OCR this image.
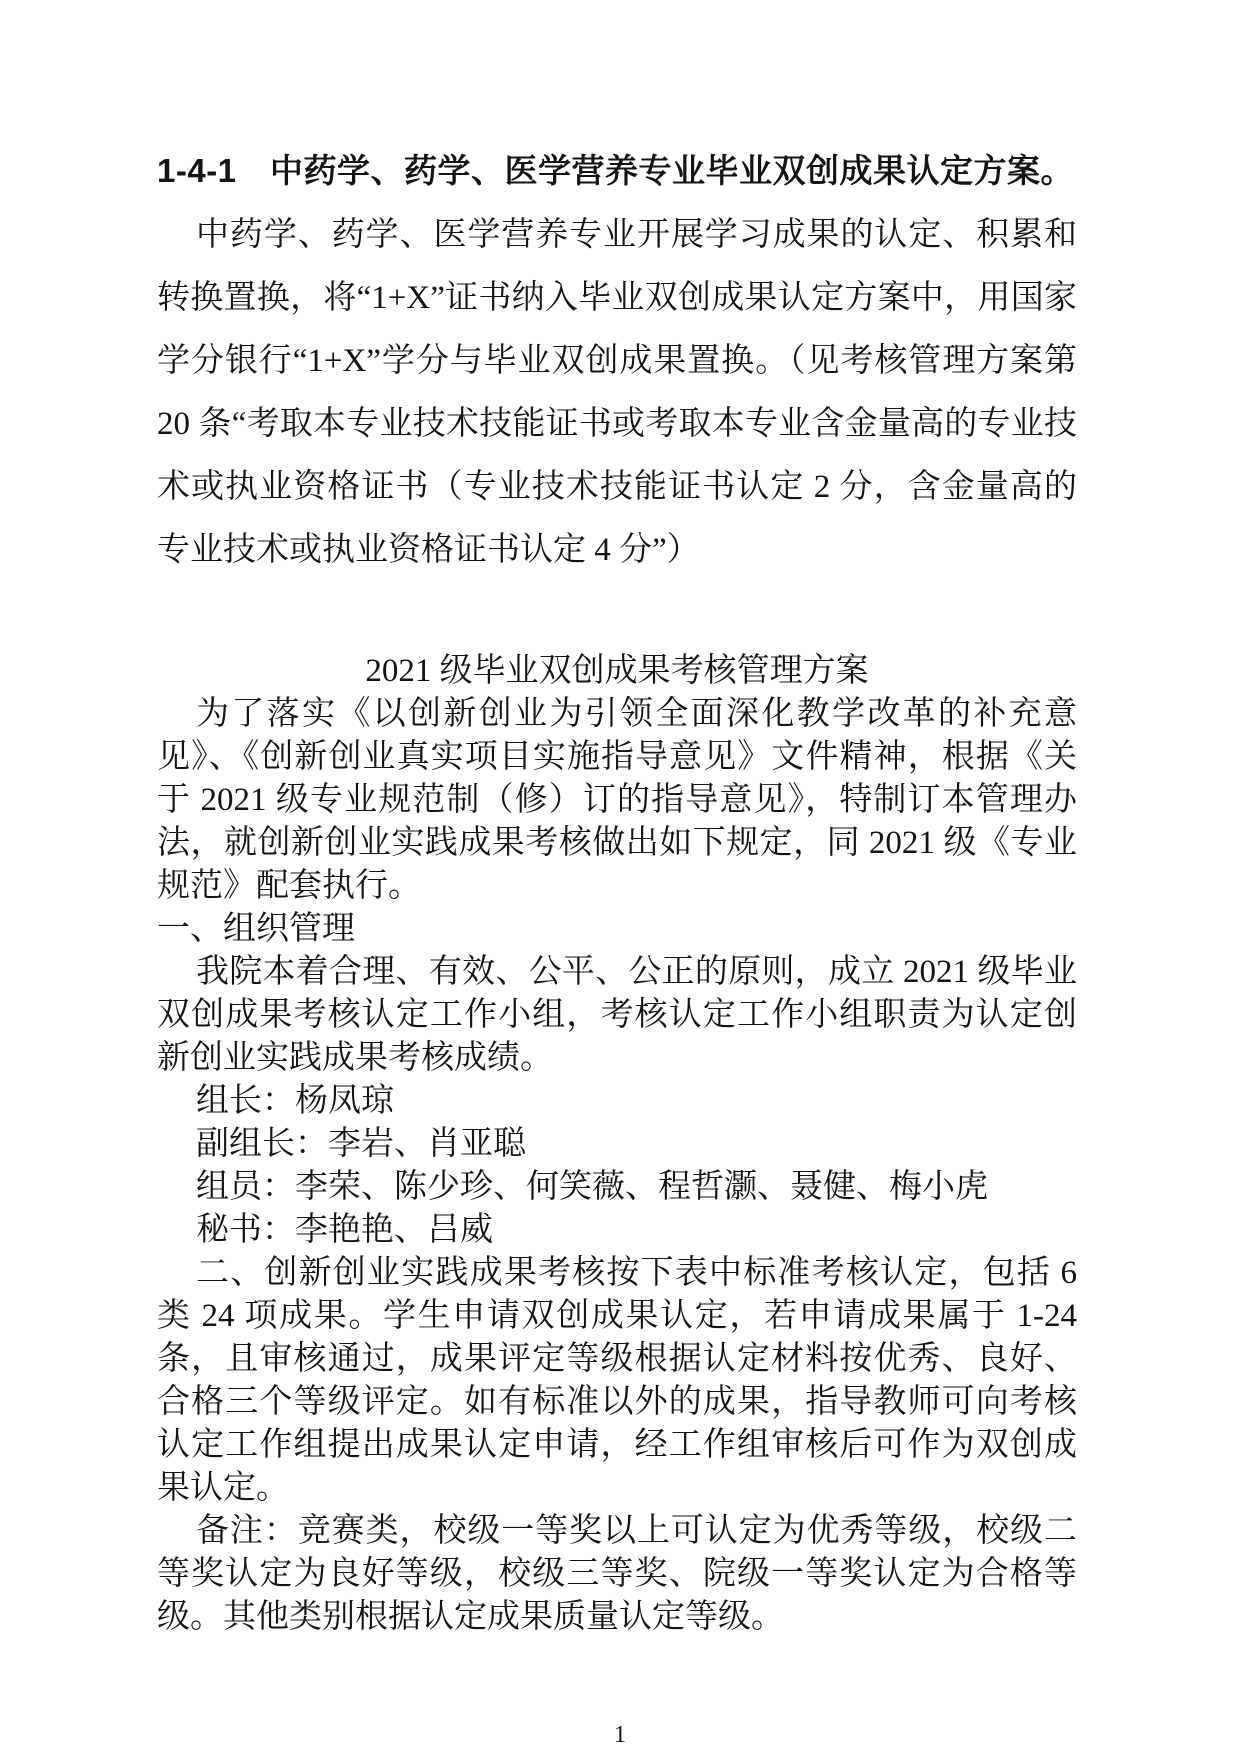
1-4-1　中药学、药学、医学营养专业毕业双创成果认定方案。

中药学、药学、医学营养专业开展学习成果的认定、积累和转换置换，将“1+X”证书纳入毕业双创成果认定方案中，用国家学分银行“1+X”学分与毕业双创成果置换。（见考核管理方案第 20 条“考取本专业技术技能证书或考取本专业含金量高的专业技术或执业资格证书（专业技术技能证书认定 2 分，含金量高的专业技术或执业资格证书认定 4 分”）

2021 级毕业双创成果考核管理方案

为了落实《以创新创业为引领全面深化教学改革的补充意见》、《创新创业真实项目实施指导意见》文件精神，根据《关于 2021 级专业规范制（修）订的指导意见》，特制订本管理办法，就创新创业实践成果考核做出如下规定，同 2021 级《专业规范》配套执行。

一、组织管理

我院本着合理、有效、公平、公正的原则，成立 2021 级毕业双创成果考核认定工作小组，考核认定工作小组职责为认定创新创业实践成果考核成绩。

组长：杨凤琼

副组长：李岩、肖亚聪

组员：李荣、陈少珍、何笑薇、程哲灏、聂健、梅小虎

秘书：李艳艳、吕威

二、创新创业实践成果考核按下表中标准考核认定，包括 6 类 24 项成果。学生申请双创成果认定，若申请成果属于 1-24 条，且审核通过，成果评定等级根据认定材料按优秀、良好、合格三个等级评定。如有标准以外的成果，指导教师可向考核认定工作组提出成果认定申请，经工作组审核后可作为双创成果认定。

备注：竞赛类，校级一等奖以上可认定为优秀等级，校级二等奖认定为良好等级，校级三等奖、院级一等奖认定为合格等级。其他类别根据认定成果质量认定等级。

1
